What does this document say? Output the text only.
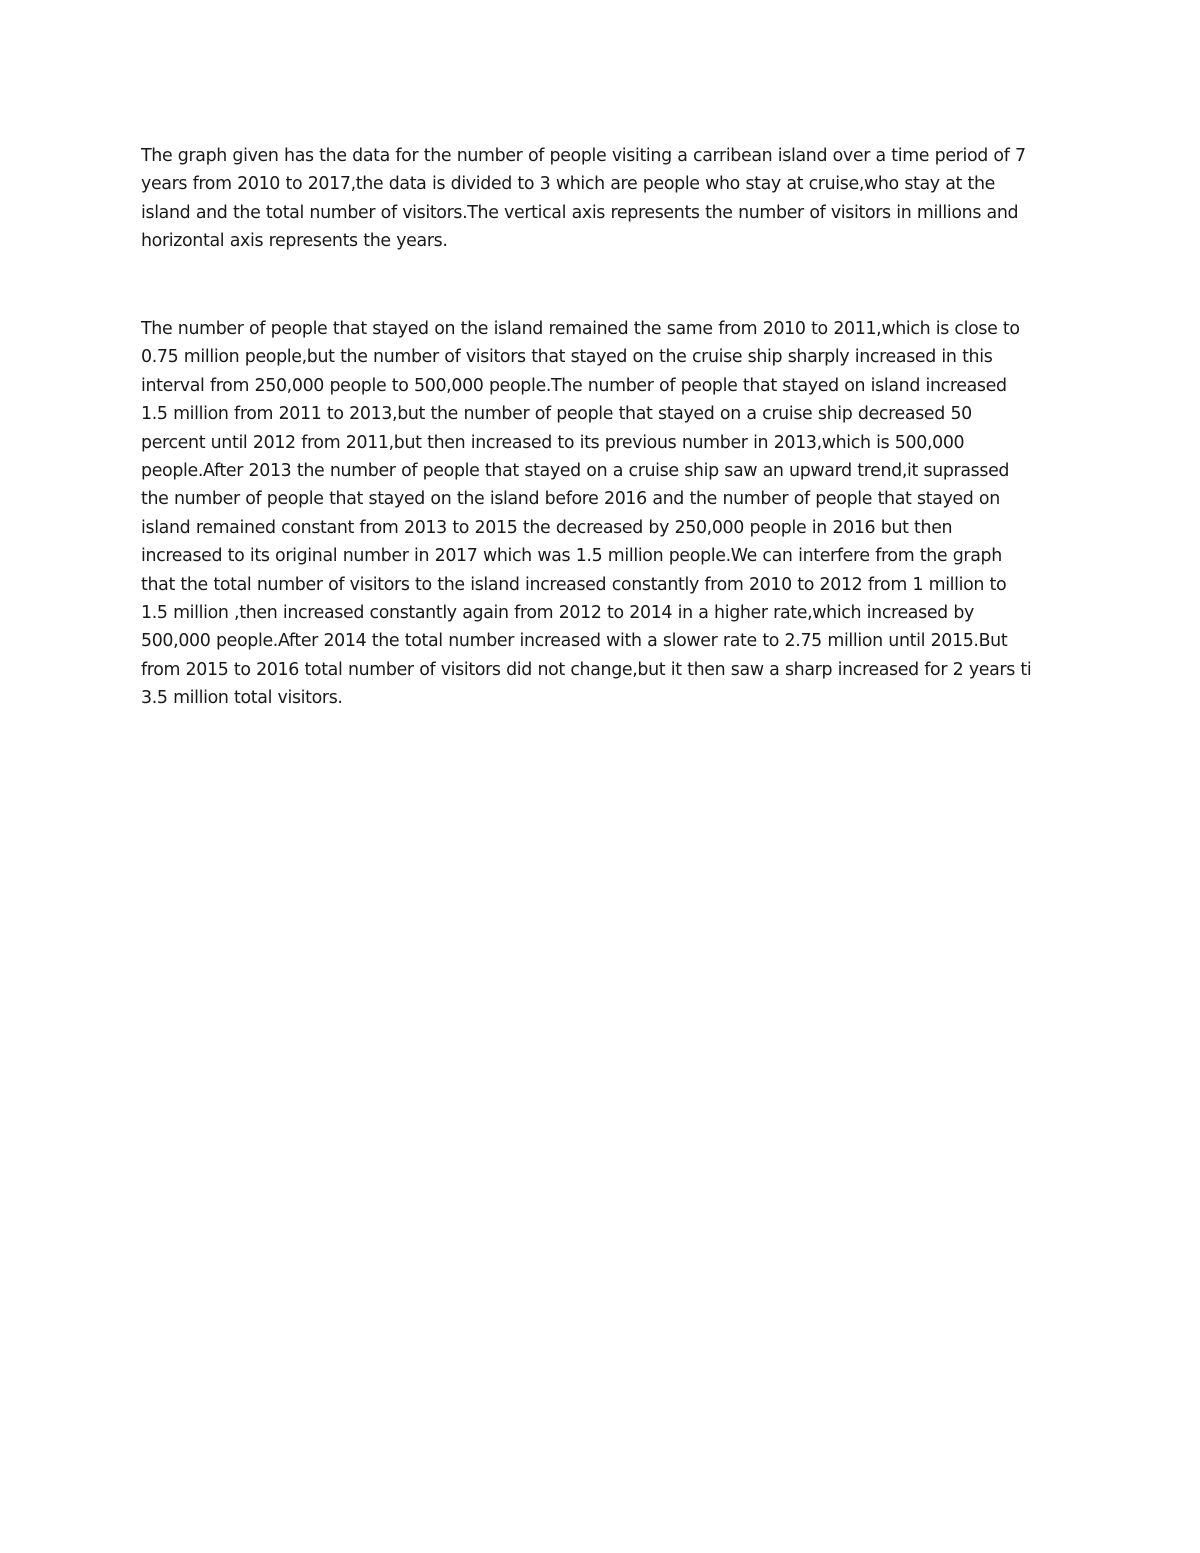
The graph given has the data for the number of people visiting a carribean island over a time period of 7
years from 2010 to 2017,the data is divided to 3 which are people who stay at cruise,who stay at the
island and the total number of visitors.The vertical axis represents the number of visitors in millions and
horizontal axis represents the years.
The number of people that stayed on the island remained the same from 2010 to 2011,which is close to
0.75 million people,but the number of visitors that stayed on the cruise ship sharply increased in this
interval from 250,000 people to 500,000 people.The number of people that stayed on island increased
1.5 million from 2011 to 2013,but the number of people that stayed on a cruise ship decreased 50
percent until 2012 from 2011,but then increased to its previous number in 2013,which is 500,000
people.After 2013 the number of people that stayed on a cruise ship saw an upward trend,it suprassed
the number of people that stayed on the island before 2016 and the number of people that stayed on
island remained constant from 2013 to 2015 the decreased by 250,000 people in 2016 but then
increased to its original number in 2017 which was 1.5 million people.We can interfere from the graph
that the total number of visitors to the island increased constantly from 2010 to 2012 from 1 million to
1.5 million ,then increased constantly again from 2012 to 2014 in a higher rate,which increased by
500,000 people.After 2014 the total number increased with a slower rate to 2.75 million until 2015.But
from 2015 to 2016 total number of visitors did not change,but it then saw a sharp increased for 2 years ti
3.5 million total visitors.
